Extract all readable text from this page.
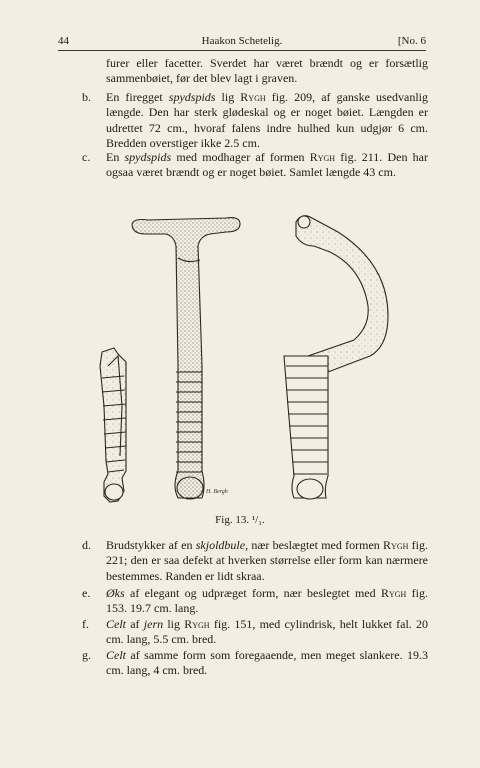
44	Haakon Schetelig.	[No. 6
furer eller facetter. Sverdet har været brændt og er forsætlig sammenbøiet, før det blev lagt i graven.
b.	En firegget spydspids lig Rygh fig. 209, af ganske usedvanlig længde. Den har sterk glødeskal og er noget bøiet. Længden er udrettet 72 cm., hvoraf falens indre hulhed kun udgjør 6 cm. Bredden overstiger ikke 2.5 cm.
c.	En spydspids med modhager af formen Rygh fig. 211. Den har ogsaa været brændt og er noget bøiet. Samlet længde 43 cm.
H. Bergh
Fig. 13. ¹/₁.
d.	Brudstykker af en skjoldbule, nær beslægtet med formen Rygh fig. 221; den er saa defekt at hverken størrelse eller form kan nærmere bestemmes. Randen er lidt skraa.
e.	Øks af elegant og udpræget form, nær beslegtet med Rygh fig. 153. 19.7 cm. lang.
f.	Celt af jern lig Rygh fig. 151, med cylindrisk, helt lukket fal. 20 cm. lang, 5.5 cm. bred.
g.	Celt af samme form som foregaaende, men meget slankere. 19.3 cm. lang, 4 cm. bred.
